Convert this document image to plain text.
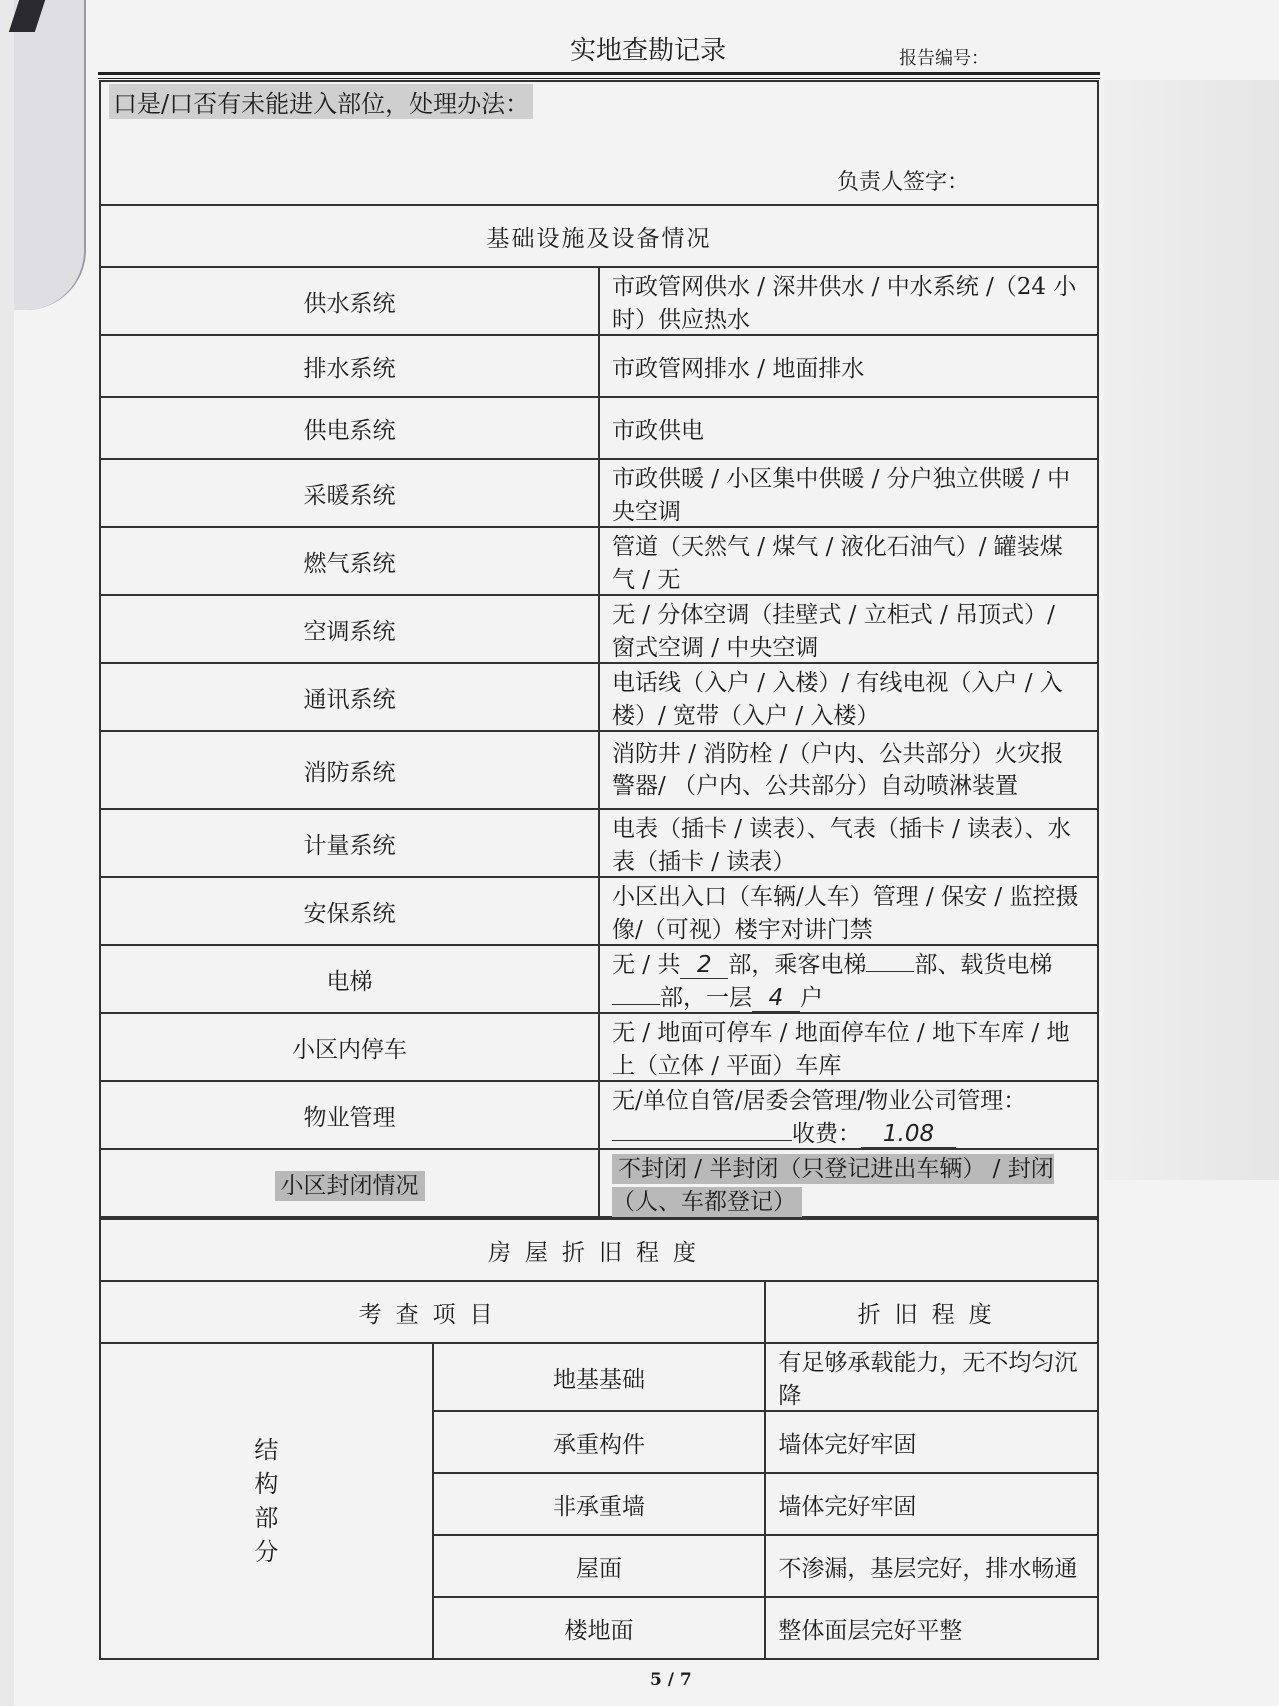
实地查勘记录	报告编号：
口是/口否有未能进入部位，处理办法：
负责人签字：
基础设施及设备情况	
供水系统	市政管网供水 / 深井供水 / 中水系统 /（24 小时）供应热水
排水系统	市政管网排水 / 地面排水
供电系统	市政供电
采暖系统	市政供暖 / 小区集中供暖 / 分户独立供暖 / 中央空调
燃气系统	管道（天然气 / 煤气 / 液化石油气）/ 罐装煤气 / 无
空调系统	无 / 分体空调（挂壁式 / 立柜式 / 吊顶式）/ 窗式空调 / 中央空调
通讯系统	电话线（入户 / 入楼）/ 有线电视（入户 / 入楼）/ 宽带（入户 / 入楼）
消防系统	消防井 / 消防栓 /（户内、公共部分）火灾报警器/ （户内、公共部分）自动喷淋装置
计量系统	电表（插卡 / 读表）、气表（插卡 / 读表）、水表（插卡 / 读表）
安保系统	小区出入口（车辆/人车）管理 / 保安 / 监控摄像/（可视）楼宇对讲门禁
电梯	无 / 共 2 部，乘客电梯 部、载货电梯部，一层 4 户
小区内停车	无 / 地面可停车 / 地面停车位 / 地下车库 / 地上（立体 / 平面）车库
物业管理	无/单位自管/居委会管理/物业公司管理：收费： 1.08
小区封闭情况	不封闭 / 半封闭（只登记进出车辆） / 封闭 （人、车都登记）
房屋折旧程度		
考查项目		折旧程度
结构部分	地基基础	有足够承载能力，无不均匀沉降
	承重构件	墙体完好牢固
	非承重墙	墙体完好牢固
	屋面	不渗漏，基层完好，排水畅通
	楼地面	整体面层完好平整
5 / 7
